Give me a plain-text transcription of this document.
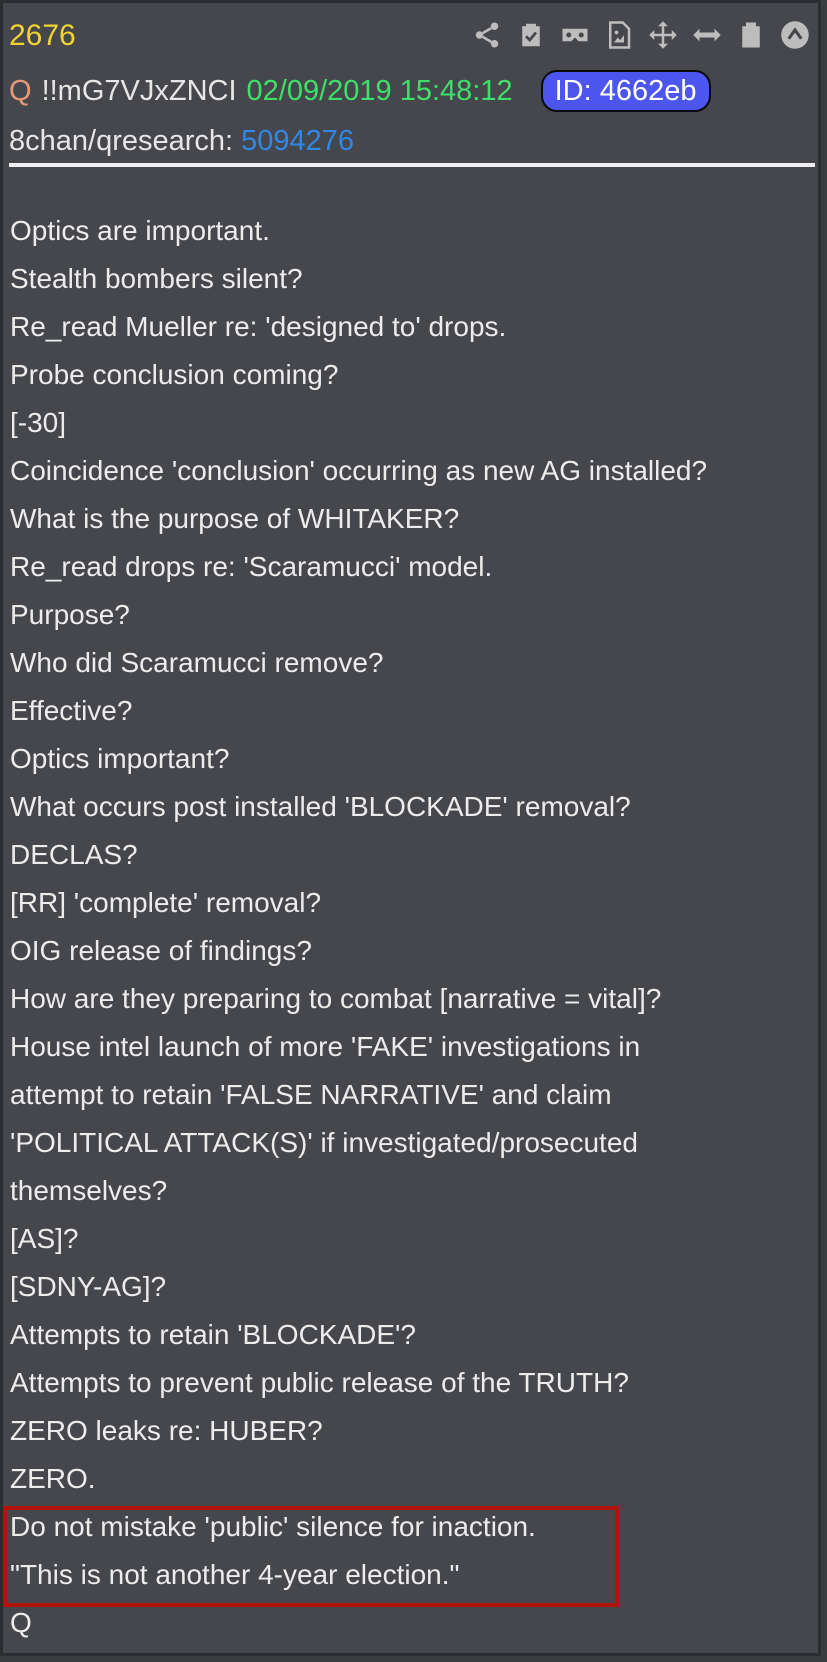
2676
Q !!mG7VJxZNCI 02/09/2019 15:48:12	ID: 4662eb
8chan/qresearch: 5094276
Optics are important.
Stealth bombers silent?
Re_read Mueller re: 'designed to' drops.
Probe conclusion coming?
[-30]
Coincidence 'conclusion' occurring as new AG installed?
What is the purpose of WHITAKER?
Re_read drops re: 'Scaramucci' model.
Purpose?
Who did Scaramucci remove?
Effective?
Optics important?
What occurs post installed 'BLOCKADE' removal?
DECLAS?
[RR] 'complete' removal?
OIG release of findings?
How are they preparing to combat [narrative = vital]?
House intel launch of more 'FAKE' investigations in
attempt to retain 'FALSE NARRATIVE' and claim
'POLITICAL ATTACK(S)' if investigated/prosecuted
themselves?
[AS]?
[SDNY-AG]?
Attempts to retain 'BLOCKADE'?
Attempts to prevent public release of the TRUTH?
ZERO leaks re: HUBER?
ZERO.
Do not mistake 'public' silence for inaction.
"This is not another 4-year election."
Q
